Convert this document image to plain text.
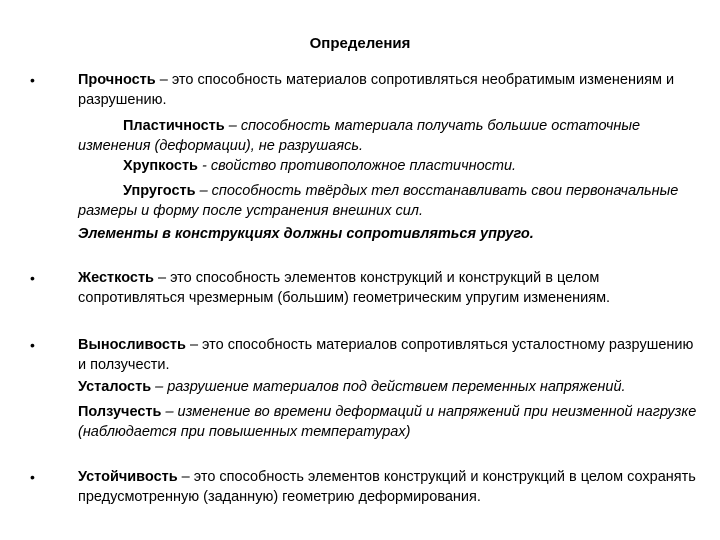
Определения
•	Прочность – это способность материалов сопротивляться необратимым изменениям и разрушению.
Пластичность – способность материала получать большие остаточные изменения (деформации), не разрушаясь.
Хрупкость - свойство противоположное пластичности.
Упругость – способность твёрдых тел восстанавливать свои первоначальные размеры и форму после устранения внешних сил.
Элементы в конструкциях должны сопротивляться упруго.
•	Жесткость – это способность элементов конструкций и конструкций в целом сопротивляться чрезмерным (большим) геометрическим упругим изменениям.
•	Выносливость – это способность материалов сопротивляться усталостному разрушению и ползучести.
Усталость – разрушение материалов под действием переменных напряжений.
Ползучесть – изменение во времени деформаций и напряжений при неизменной нагрузке (наблюдается при повышенных температурах)
•	Устойчивость – это способность элементов конструкций и конструкций в целом сохранять предусмотренную (заданную) геометрию деформирования.
